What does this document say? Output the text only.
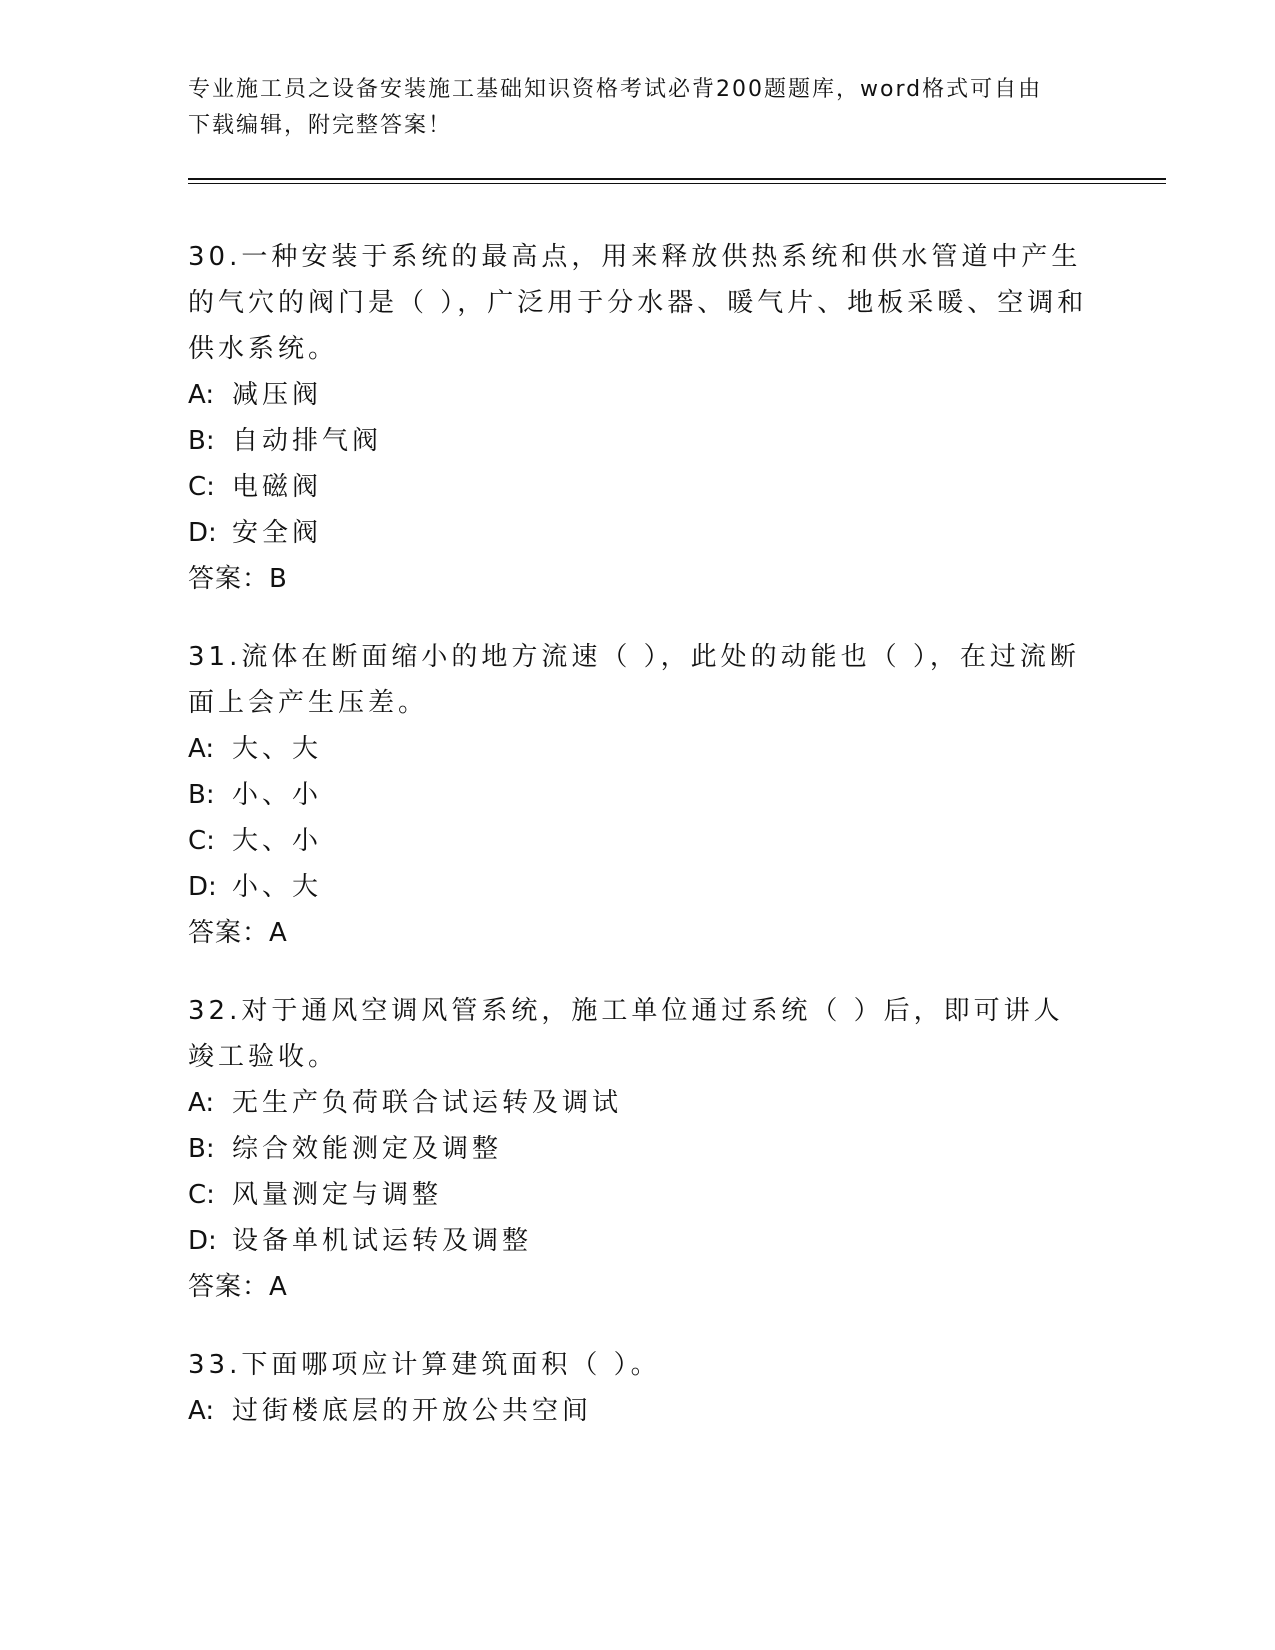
专业施工员之设备安装施工基础知识资格考试必背200题题库，word格式可自由
下载编辑，附完整答案！

30.一种安装于系统的最高点，用来释放供热系统和供水管道中产生的气穴的阀门是（ ），广泛用于分水器、暖气片、地板采暖、空调和供水系统。

A: 减压阀

B: 自动排气阀

C: 电磁阀

D: 安全阀

答案：B

31.流体在断面缩小的地方流速（ ），此处的动能也（ ），在过流断面上会产生压差。

A: 大、大

B: 小、小

C: 大、小

D: 小、大

答案：A

32.对于通风空调风管系统，施工单位通过系统（ ）后，即可讲人竣工验收。

A: 无生产负荷联合试运转及调试

B: 综合效能测定及调整

C: 风量测定与调整

D: 设备单机试运转及调整

答案：A

33.下面哪项应计算建筑面积（ ）。

A: 过街楼底层的开放公共空间
